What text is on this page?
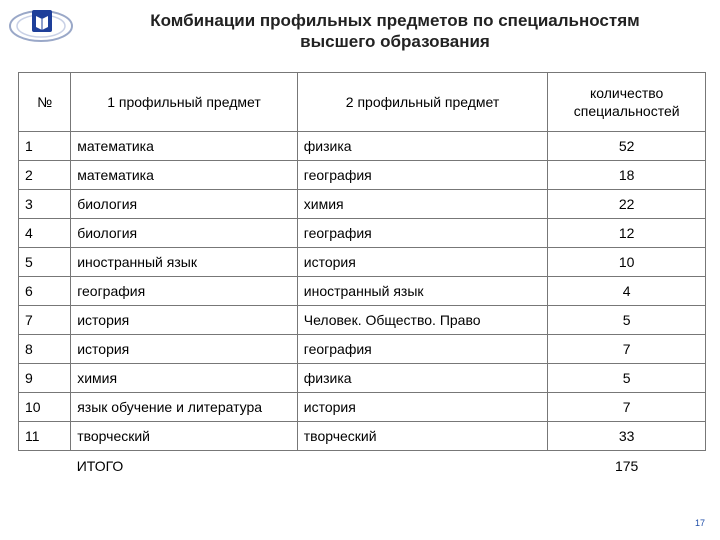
Комбинации профильных предметов по специальностям
высшего образования
№	1 профильный предмет	2 профильный предмет	количество специальностей
1	математика	физика	52
2	математика	география	18
3	биология	химия	22
4	биология	география	12
5	иностранный язык	история	10
6	география	иностранный язык	4
7	история	Человек. Общество. Право	5
8	история	география	7
9	химия	физика	5
10	язык обучение и литература	история	7
11	творческий	творческий	33
	ИТОГО		175
17
